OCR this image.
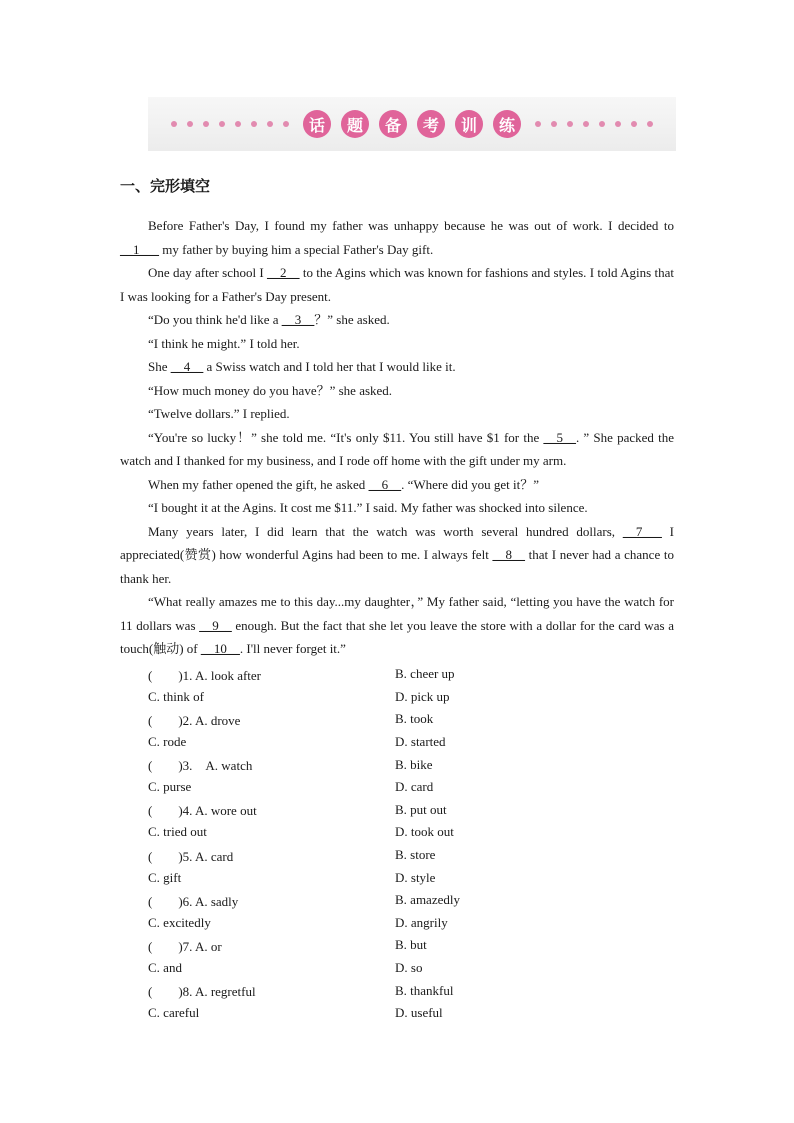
话	题	备	考	训	练
一、完形填空

Before Father's Day, I found my father was unhappy because he was out of work. I decided to __1___ my father by buying him a special Father's Day gift.

One day after school I __2__ to the Agins which was known for fashions and styles. I told Agins that I was looking for a Father's Day present.

“Do you think he'd like a __3__？” she asked.

“I think he might.” I told her.

She __4__ a Swiss watch and I told her that I would like it.

“How much money do you have？” she asked.

“Twelve dollars.” I replied.

“You're so lucky！” she told me. “It's only $11. You still have $1 for the __5__. ” She packed the watch and I thanked for my business, and I rode off home with the gift under my arm.

When my father opened the gift, he asked __6__. “Where did you get it？”

“I bought it at the Agins. It cost me $11.” I said. My father was shocked into silence.

Many years later, I did learn that the watch was worth several hundred dollars, __7___ I appreciated(赞赏) how wonderful Agins had been to me. I always felt __8__ that I never had a chance to thank her.

“What really amazes me to this day...my daughter，” My father said, “letting you have the watch for 11 dollars was __9__ enough. But the fact that she let you leave the store with a dollar for the card was a touch(触动) of __10__. I'll never forget it.”

(　　)1. A. look after	B. cheer up
C. think of	D. pick up
(　　)2. A. drove	B. took
C. rode	D. started
(　　)3.　A. watch	B. bike
C. purse	D. card
(　　)4. A. wore out	B. put out
C. tried out	D. took out
(　　)5. A. card	B. store
C. gift	D. style
(　　)6. A. sadly	B. amazedly
C. excitedly	D. angrily
(　　)7. A. or	B. but
C. and	D. so
(　　)8. A. regretful	B. thankful
C. careful	D. useful
